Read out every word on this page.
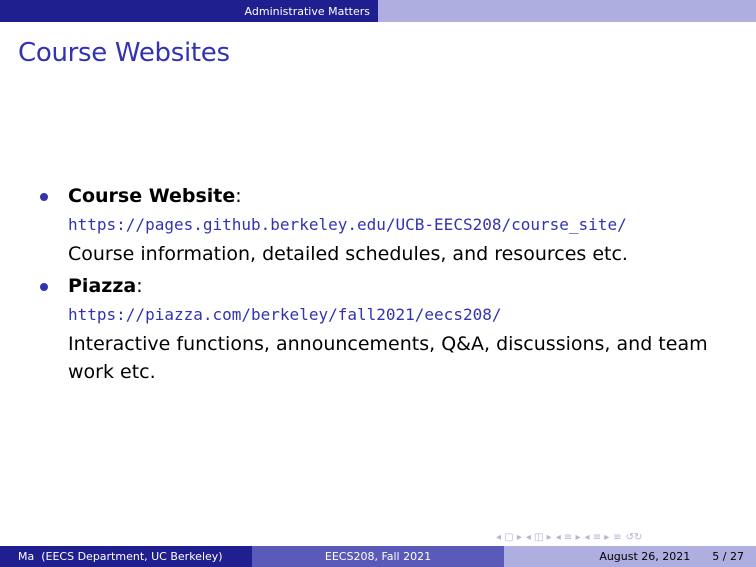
Administrative Matters
Course Websites
Course Website:
https://pages.github.berkeley.edu/UCB-EECS208/course_site/
Course information, detailed schedules, and resources etc.
Piazza:
https://piazza.com/berkeley/fall2021/eecs208/
Interactive functions, announcements, Q&A, discussions, and team work etc.
◂ ▢ ▸ ◂ ◫ ▸ ◂ ≡ ▸ ◂ ≡ ▸ ≡ ↺↻
Ma  (EECS Department, UC Berkeley)	EECS208, Fall 2021	August 26, 2021 5 / 27
